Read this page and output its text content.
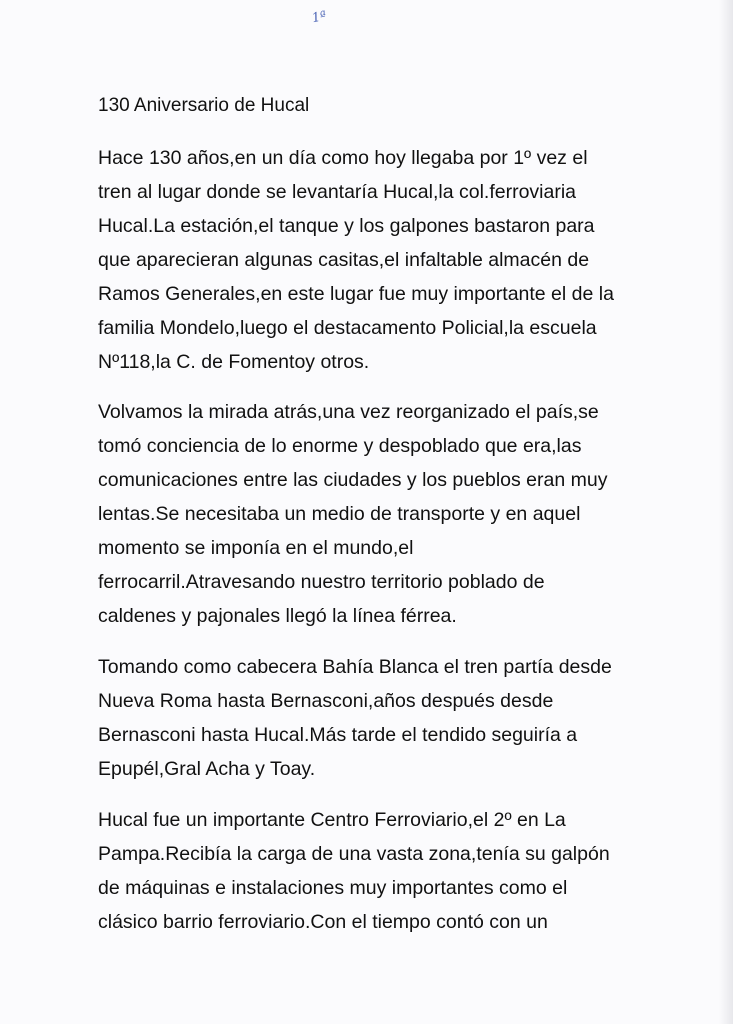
1ª
130 Aniversario de Hucal

Hace 130 años,en un día como hoy llegaba por 1º vez el
tren al lugar donde se levantaría Hucal,la col.ferroviaria
Hucal.La estación,el tanque y los galpones bastaron para
que aparecieran algunas casitas,el infaltable almacén de
Ramos Generales,en este lugar fue muy importante el de la
familia Mondelo,luego el destacamento Policial,la escuela
Nº118,la C. de Fomentoy otros.

Volvamos la mirada atrás,una vez reorganizado el país,se
tomó conciencia de lo enorme y despoblado que era,las
comunicaciones entre las ciudades y los pueblos eran muy
lentas.Se necesitaba un medio de transporte y en aquel
momento se imponía en el mundo,el
ferrocarril.Atravesando nuestro territorio poblado de
caldenes y pajonales llegó la línea férrea.

Tomando como cabecera Bahía Blanca el tren partía desde
Nueva Roma hasta Bernasconi,años después desde
Bernasconi hasta Hucal.Más tarde el tendido seguiría a
Epupél,Gral Acha y Toay.

Hucal fue un importante Centro Ferroviario,el 2º en La
Pampa.Recibía la carga de una vasta zona,tenía su galpón
de máquinas e instalaciones muy importantes como el
clásico barrio ferroviario.Con el tiempo contó con un
